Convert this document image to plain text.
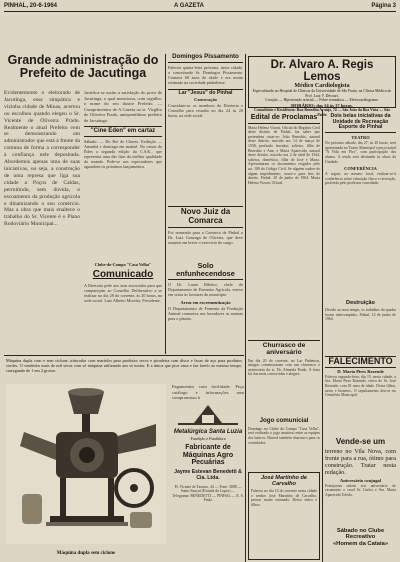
PINHAL, 20-6-1964	A GAZETA	Página 3
Grande administração do Prefeito de Jacutinga
Evidentemente o eleitorado de Jacutinga, essa simpática e vizinha cidade de Minas, acertou ou escolheu quando elegeu o Sr. Vicente de Oliveira Prado. Realmente o atual Prefeito vem se demonstrando um administrador que está à frente da comuna de forma a corresponder à confiança nele depositada. Abordemos apenas uma de suas iniciativas, ou seja, a construção de uma represa que liga sua cidade a Poços de Caldas, permitindo, sem dúvida, o escoamento da produção agrícola e dinamizando o seu comércio. Mas a obra que mais enaltece o trabalho do Sr. Vicente é o Plano Rodoviário Municipal...
Justifica-se assim a satisfação do povo de Jacutinga, o qual menciona, com orgulho, o nome do seu ilustre Prefeito. — Cumprimentos de A Gazeta ao sr. Virgílio de Oliveira Prado, antepenúltimo prefeito de Jacutinga.
"Cine Éden" em cartaz
Sábado: — Do Rei de Chaves. Exibição — Amanhã e domingo em matinê. No cartaz do Éden a segunda edição da C.S.K., que representa uma das fitas da melhor qualidade do mundo. Pede-se aos espectadores que aguardem os próximos lançamentos.
Clube-do-Campo "Casa Velha"
Comunicado
A Diretoria pede aos seus associados para que compareçam ao Conselho Deliberativo a se realizar no dia 28 do corrente, às 20 horas, na sede social. Luiz Alberto Moreira, Presidente.
Máquina dupla com e sem ciclone, triturador com martelos para produtos secos e picadeira com disco e facas de aço para produtos verdes. O vendedor mais de mil secas com só máquina utilizando um só motor. E a única que pica cana e faz farelo ao mesmo tempo, carregando de 1 em 2 grosso.
Máquina dupla sem ciclone
Pagamentos com facilidade. Peça catálogo e informações sem compromisso à
Metalúrgica Santa Luzia
Fundição e Fundidora
Fabricante de Máquinas Agro Pecuárias
Jayme Estevan Benedetti & Cia. Ltda.
Pr. Vicente de Taranto, 44 — Fone: 3088 — Santo Suaçuí (Estrada do Lopes) — Telegrama: BENEDETTI — PINHAL — E. S. Paulo
Domingos Pissamento
Faleceu quinta-feira próxima, nesta cidade, o conceituado Sr. Domingos Pissamento. Contava 68 anos de idade e era muito estimado na sociedade pinhalense.
Lar "Jesus" do Pinhal
Convocação
Convidam-se os membros da Diretoria e Conselho para reunião no dia 24 às 20 horas, na sede social.
Novo Juiz da Comarca
Foi nomeado para a Comarca de Pinhal o Dr. Luiz Gonzaga de Oliveira, que deve assumir em breve o exercício do cargo.
Solo enfunhecendose
O Dr. Lauro Ribeiro, chefe do Departamento de Fomento Agrícola, esteve em visita às lavouras do município.
Arroz em excrementização
O Departamento de Fomento da Produção Animal comunica aos lavradores as normas para o plantio.
Dr. Alvaro A. Regis Lemos
Médico Cardiologista
Especializado no Hospital de Clínicas da Universidade de São Paulo, na Clínica Médica do Prof. Luiz V. Décourt.
Coração — Hipertensão arterial — Febre reumática — Eletrocardiograma.
HORÁRIO: das 14 às 17 horas.
Consultório e Residência: Rua Benedita Araújo, 74 — São João da Boa Vista — São Paulo
Edital de Proclamas
Maria Helena Vizoni, Oficial do Registro Civil deste distrito de Pinhal, faz saber que pretendem casar-se: João Benedito, natural deste distrito, nascido aos 14 de março de 1938, profissão lavrador, solteiro, filho de Benedito e Ana; e Maria Aparecida, natural deste distrito, nascida aos 2 de abril de 1944, solteira, doméstica, filha de José e Maria. Apresentaram os documentos exigidos pelo art. 180 do Código Civil. Se alguém souber de algum impedimento, acuse-o para fins de direito. Pinhal, 20 de junho de 1964. Maria Helena Vizoni, Oficial.
Churrasco de aniversário
Em dia 20 do corrente, no Lar Pinheiros, amigos comemoraram com um churrasco o aniversário do sr. Dr. Almeida Prado. A festa foi das mais concorridas e alegres.
Jogo comunicial
Domingo no Clube do Campo "Casa Velha", será realizado o jogo amistoso entre as equipes dos bairros. Haverá também churrasco para os convidados.
José Martinho de Carvalho
Faleceu no dia 14 do corrente nesta cidade o senhor José Martinho de Carvalho, pessoa muito estimada. Deixa viúva e filhos.
Dois belas iniciativas da Unidade de Recreação Esporte de Pinhal
TEATRO
No próximo sábado, dia 27, às 20 horas, será apresentada no Teatro Municipal a peça teatral "A Vida em Flor", com participação dos alunos. A renda será destinada às obras da Unidade.
CONFERÊNCIA
A seguir, no mesmo local, realizar-se-á conferência sobre educação física e recreação, proferida pelo professor convidado.
Destruição
Devido ao mau tempo, os trabalhos da quadra foram interrompidos. Pinhal, 12 de junho de 1964.
FALECIMENTO
D. Maria Pires Rezende
Faleceu segunda-feira, dia 15, nesta cidade, a Sra. Maria Pires Rezende, viúva do Sr. José Rezende, com 81 anos de idade. Deixa filhos, netos e bisnetos. O sepultamento deu-se no Cemitério Municipal.
Vende-se um
terreno no Vila Nova, com frente para a rua, ótimo para construção. Tratar nesta redação.
Aniversário conjugal
Festejaram ontem seu aniversário de casamento o casal Sr. Carlos e Sra. Maria Aparecida Toledo.
Sábado no Clube Recreativo
«Homem da Cataia»
